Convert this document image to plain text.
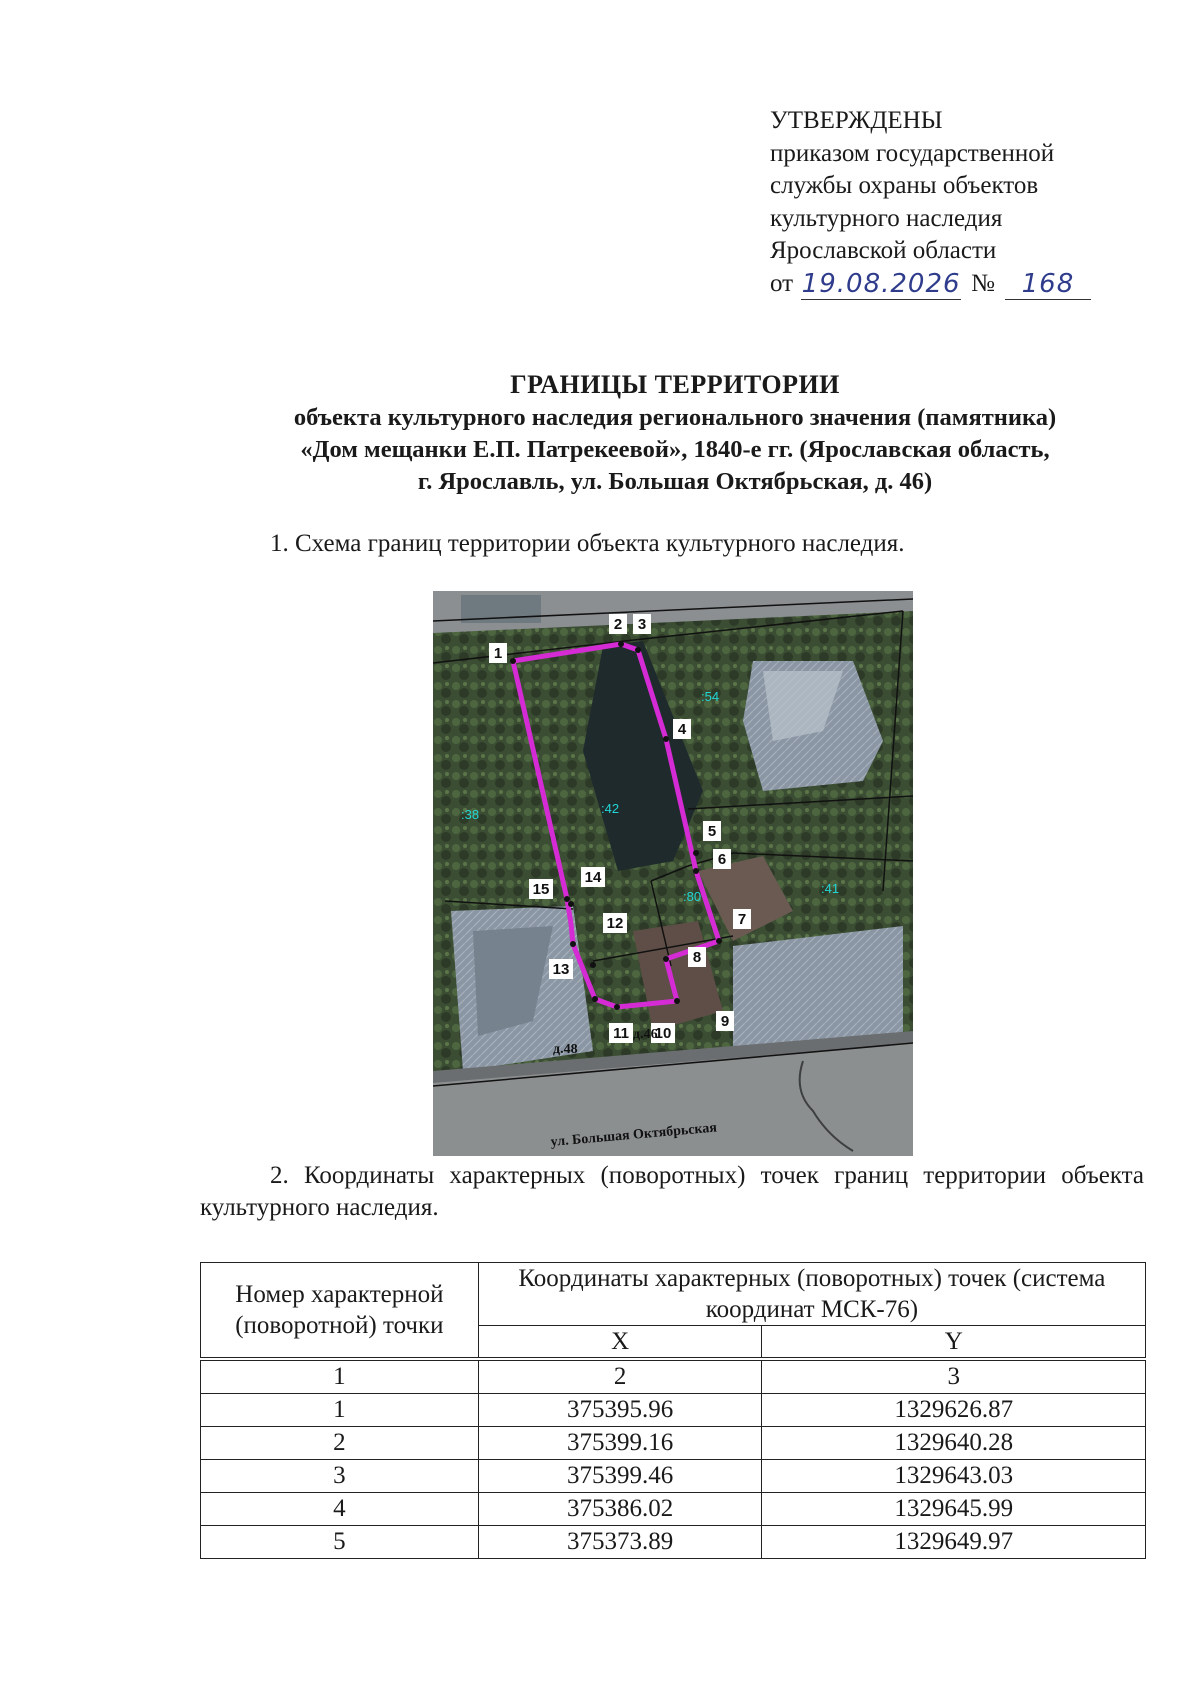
УТВЕРЖДЕНЫ
приказом государственной
службы охраны объектов
культурного наследия
Ярославской области
от 19.08.2026 №	168
ГРАНИЦЫ ТЕРРИТОРИИ
объекта культурного наследия регионального значения (памятника)
«Дом мещанки Е.П. Патрекеевой», 1840-е гг. (Ярославская область,
г. Ярославль, ул. Большая Октябрьская, д. 46)
1. Схема границ территории объекта культурного наследия.
1
2 3
4
5
6
7
8
9
10
11
12
13
14
15
:54
:42
:38
:80
:41
д.48
д.46
ул. Большая Октябрьская
2. Координаты характерных (поворотных) точек границ территории объекта культурного наследия.
Номер характерной (поворотной) точки	Координаты характерных (поворотных) точек (система координат МСК-76)	
	X	Y
1	2	3
1	375395.96	1329626.87
2	375399.16	1329640.28
3	375399.46	1329643.03
4	375386.02	1329645.99
5	375373.89	1329649.97
